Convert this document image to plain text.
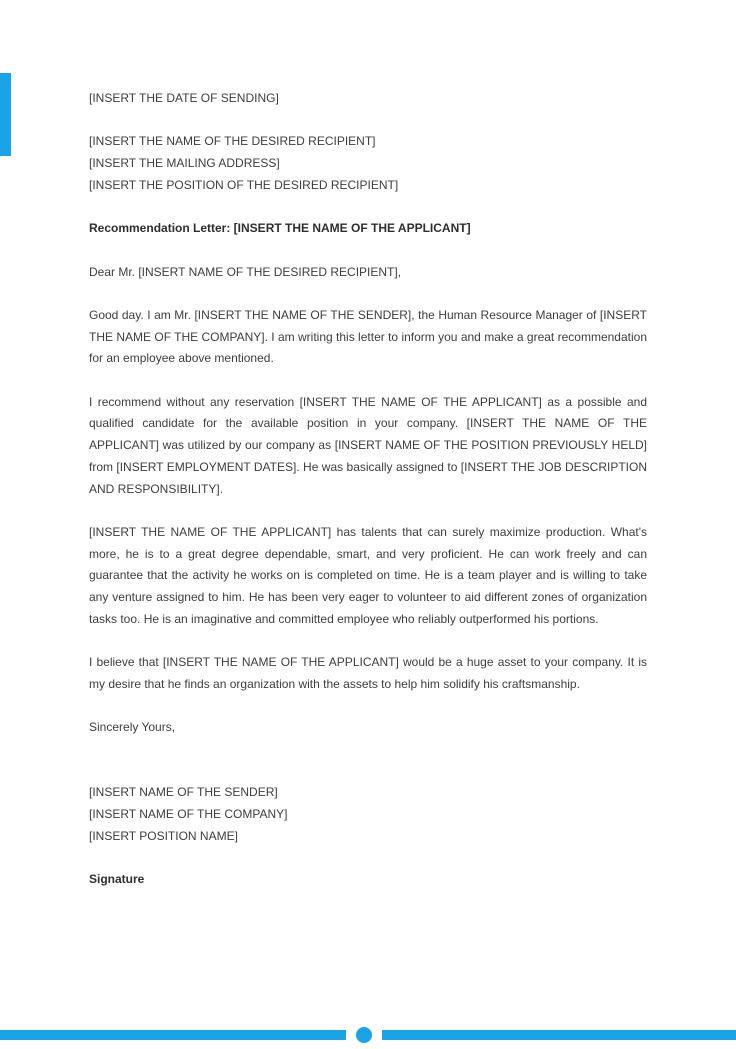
[INSERT THE DATE OF SENDING]
[INSERT THE NAME OF THE DESIRED RECIPIENT]
[INSERT THE MAILING ADDRESS]
[INSERT THE POSITION OF THE DESIRED RECIPIENT]
Recommendation Letter: [INSERT THE NAME OF THE APPLICANT]
Dear Mr. [INSERT NAME OF THE DESIRED RECIPIENT],

Good day. I am Mr. [INSERT THE NAME OF THE SENDER], the Human Resource Manager of [INSERT THE NAME OF THE COMPANY]. I am writing this letter to inform you and make a great recommendation for an employee above mentioned.

I recommend without any reservation [INSERT THE NAME OF THE APPLICANT] as a possible and qualified candidate for the available position in your company. [INSERT THE NAME OF THE APPLICANT] was utilized by our company as [INSERT NAME OF THE POSITION PREVIOUSLY HELD] from [INSERT EMPLOYMENT DATES]. He was basically assigned to [INSERT THE JOB DESCRIPTION AND RESPONSIBILITY].

[INSERT THE NAME OF THE APPLICANT] has talents that can surely maximize production. What's more, he is to a great degree dependable, smart, and very proficient. He can work freely and can guarantee that the activity he works on is completed on time. He is a team player and is willing to take any venture assigned to him. He has been very eager to volunteer to aid different zones of organization tasks too. He is an imaginative and committed employee who reliably outperformed his portions.

I believe that [INSERT THE NAME OF THE APPLICANT] would be a huge asset to your company. It is my desire that he finds an organization with the assets to help him solidify his craftsmanship.

Sincerely Yours,
[INSERT NAME OF THE SENDER]
[INSERT NAME OF THE COMPANY]
[INSERT POSITION NAME]
Signature
